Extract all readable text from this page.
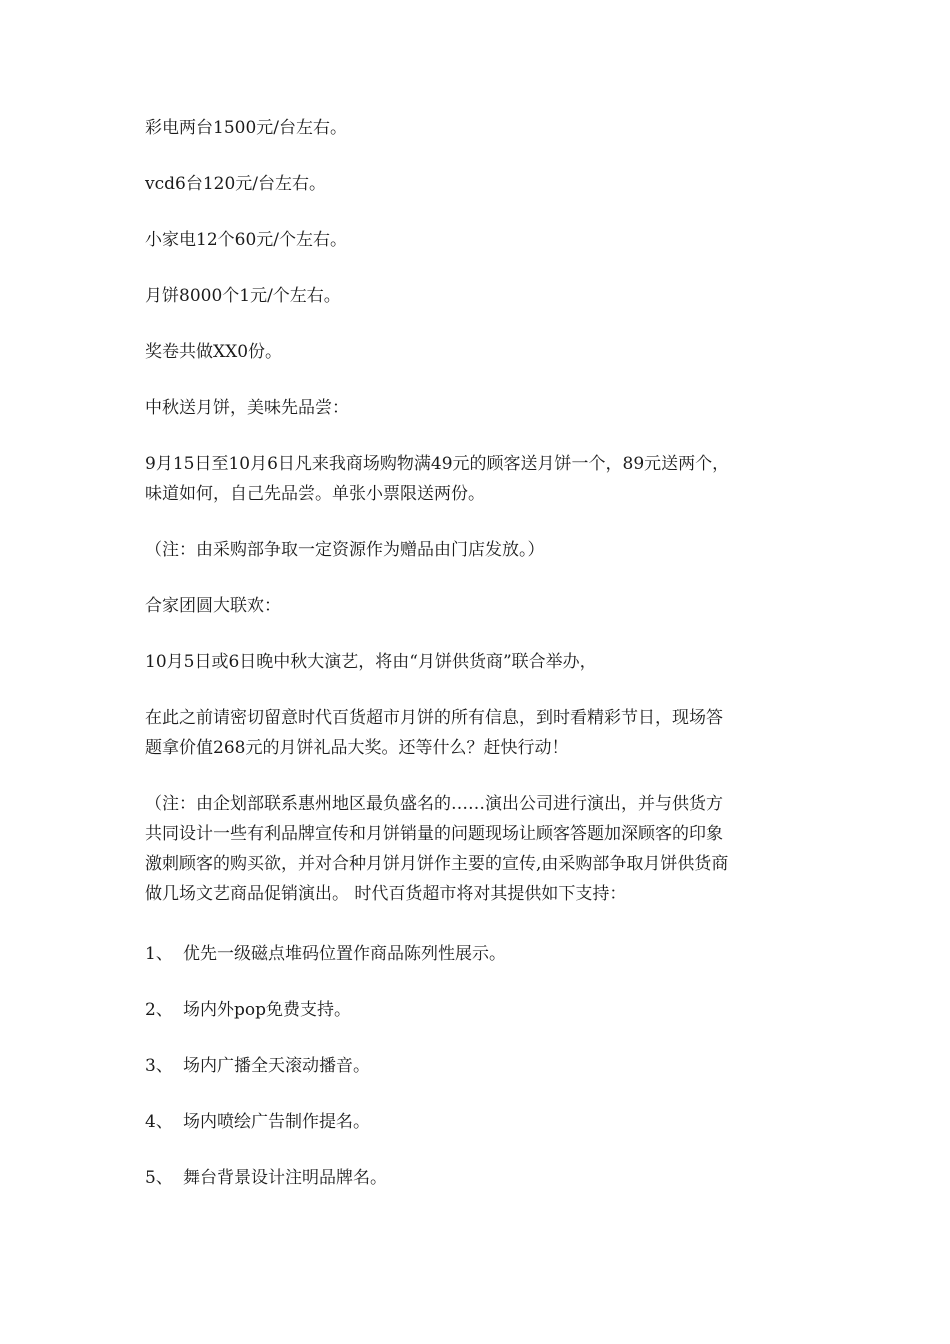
彩电两台1500元/台左右。
vcd6台120元/台左右。
小家电12个60元/个左右。
月饼8000个1元/个左右。
奖卷共做XX0份。
中秋送月饼，美味先品尝：
9月15日至10月6日凡来我商场购物满49元的顾客送月饼一个，89元送两个，
味道如何，自己先品尝。单张小票限送两份。
（注：由采购部争取一定资源作为赠品由门店发放。）
合家团圆大联欢：
10月5日或6日晚中秋大演艺，将由“月饼供货商”联合举办，
在此之前请密切留意时代百货超市月饼的所有信息，到时看精彩节日，现场答
题拿价值268元的月饼礼品大奖。还等什么？赶快行动！
（注：由企划部联系惠州地区最负盛名的……演出公司进行演出，并与供货方
共同设计一些有利品牌宣传和月饼销量的问题现场让顾客答题加深顾客的印象
激刺顾客的购买欲，并对合种月饼月饼作主要的宣传,由采购部争取月饼供货商
做几场文艺商品促销演出。 时代百货超市将对其提供如下支持：
1、 优先一级磁点堆码位置作商品陈列性展示。
2、 场内外pop免费支持。
3、 场内广播全天滚动播音。
4、 场内喷绘广告制作提名。
5、 舞台背景设计注明品牌名。
